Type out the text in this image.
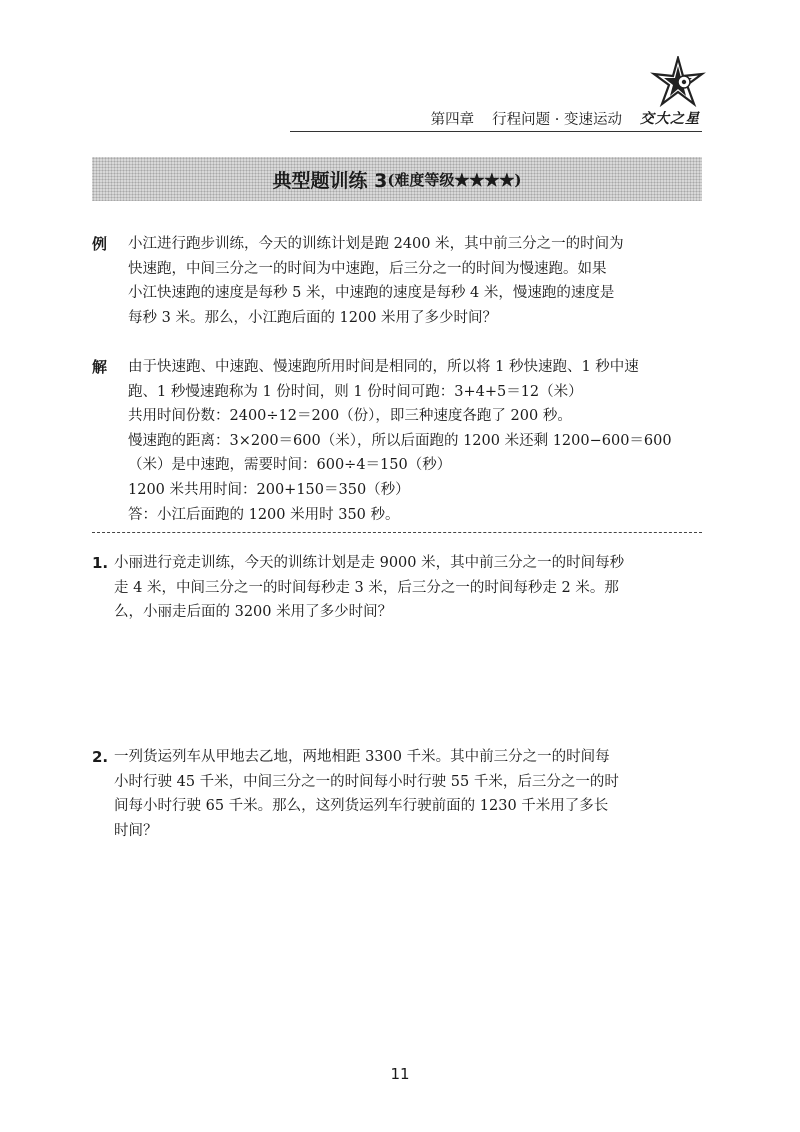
第四章 行程问题 · 变速运动 交大之星
典型题训练 3 (难度等级★★★★)
例 小江进行跑步训练，今天的训练计划是跑 2400 米，其中前三分之一的时间为
快速跑，中间三分之一的时间为中速跑，后三分之一的时间为慢速跑。如果
小江快速跑的速度是每秒 5 米，中速跑的速度是每秒 4 米，慢速跑的速度是
每秒 3 米。那么，小江跑后面的 1200 米用了多少时间？
解 由于快速跑、中速跑、慢速跑所用时间是相同的，所以将 1 秒快速跑、1 秒中速
跑、1 秒慢速跑称为 1 份时间，则 1 份时间可跑：3+4+5＝12（米）
共用时间份数：2400÷12＝200（份），即三种速度各跑了 200 秒。
慢速跑的距离：3×200＝600（米），所以后面跑的 1200 米还剩 1200−600＝600
（米）是中速跑，需要时间：600÷4＝150（秒）
1200 米共用时间：200+150＝350（秒）
答：小江后面跑的 1200 米用时 350 秒。
1. 小丽进行竞走训练，今天的训练计划是走 9000 米，其中前三分之一的时间每秒
走 4 米，中间三分之一的时间每秒走 3 米，后三分之一的时间每秒走 2 米。那
么，小丽走后面的 3200 米用了多少时间？
2. 一列货运列车从甲地去乙地，两地相距 3300 千米。其中前三分之一的时间每
小时行驶 45 千米，中间三分之一的时间每小时行驶 55 千米，后三分之一的时
间每小时行驶 65 千米。那么，这列货运列车行驶前面的 1230 千米用了多长
时间？
11
